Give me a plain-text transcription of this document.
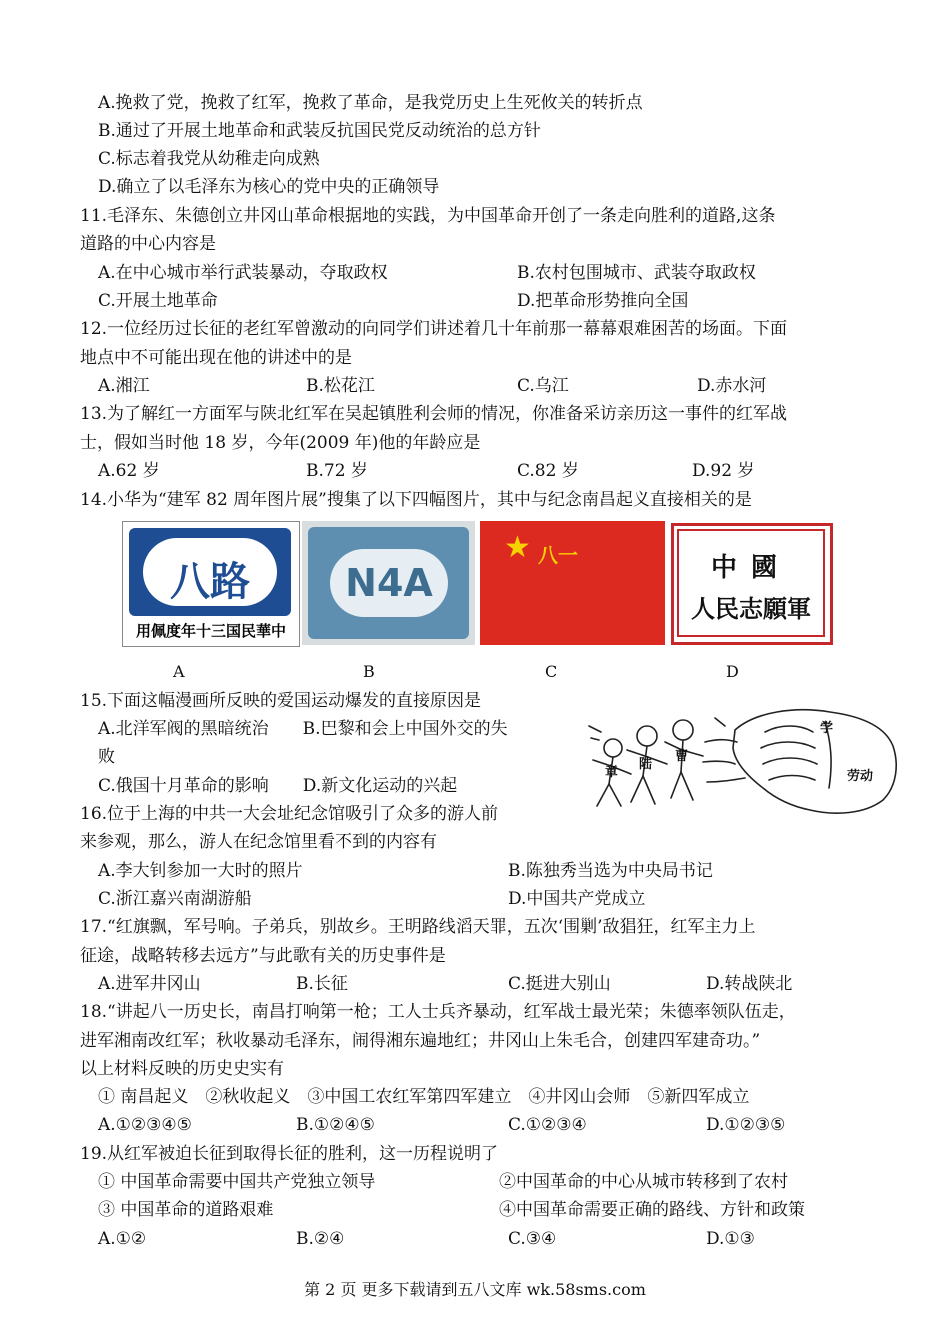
A.挽救了党，挽救了红军，挽救了革命，是我党历史上生死攸关的转折点
B.通过了开展土地革命和武装反抗国民党反动统治的总方针
C.标志着我党从幼稚走向成熟
D.确立了以毛泽东为核心的党中央的正确领导
11.毛泽东、朱德创立井冈山革命根据地的实践，为中国革命开创了一条走向胜利的道路,这条
道路的中心内容是
A.在中心城市举行武装暴动，夺取政权	B.农村包围城市、武装夺取政权
C.开展土地革命	D.把革命形势推向全国
12.一位经历过长征的老红军曾激动的向同学们讲述着几十年前那一幕幕艰难困苦的场面。下面
地点中不可能出现在他的讲述中的是
A.湘江	B.松花江	C.乌江	D.赤水河
13.为了解红一方面军与陕北红军在吴起镇胜利会师的情况，你准备采访亲历这一事件的红军战
士，假如当时他 18 岁，今年(2009 年)他的年龄应是
A.62 岁	B.72 岁	C.82 岁	D.92 岁
14.小华为“建军 82 周年图片展”搜集了以下四幅图片，其中与纪念南昌起义直接相关的是
八路
用佩度年十三国民華中
N4A
★ 八一	中國
人民志願軍
A	B	C	D
15.下面这幅漫画所反映的爱国运动爆发的直接原因是
A.北洋军阀的黑暗统治　　B.巴黎和会上中国外交的失
败
C.俄国十月革命的影响　　D.新文化运动的兴起
学
劳动
章
陆
曹
16.位于上海的中共一大会址纪念馆吸引了众多的游人前
来参观，那么，游人在纪念馆里看不到的内容有
A.李大钊参加一大时的照片	B.陈独秀当选为中央局书记
C.浙江嘉兴南湖游船	D.中国共产党成立
17.“红旗飘，军号响。子弟兵，别故乡。王明路线滔天罪，五次‘围剿’敌猖狂，红军主力上
征途，战略转移去远方”与此歌有关的历史事件是
A.进军井冈山	B.长征	C.挺进大别山	D.转战陕北
18.“讲起八一历史长，南昌打响第一枪；工人士兵齐暴动，红军战士最光荣；朱德率领队伍走，
进军湘南改红军；秋收暴动毛泽东，闹得湘东遍地红；井冈山上朱毛合，创建四军建奇功。”
以上材料反映的历史史实有
① 南昌起义　②秋收起义　③中国工农红军第四军建立　④井冈山会师　⑤新四军成立
A.①②③④⑤	B.①②④⑤	C.①②③④	D.①②③⑤
19.从红军被迫长征到取得长征的胜利，这一历程说明了
① 中国革命需要中国共产党独立领导	②中国革命的中心从城市转移到了农村
③ 中国革命的道路艰难	④中国革命需要正确的路线、方针和政策
A.①②	B.②④	C.③④	D.①③
第 2 页 更多下载请到五八文库 wk.58sms.com
